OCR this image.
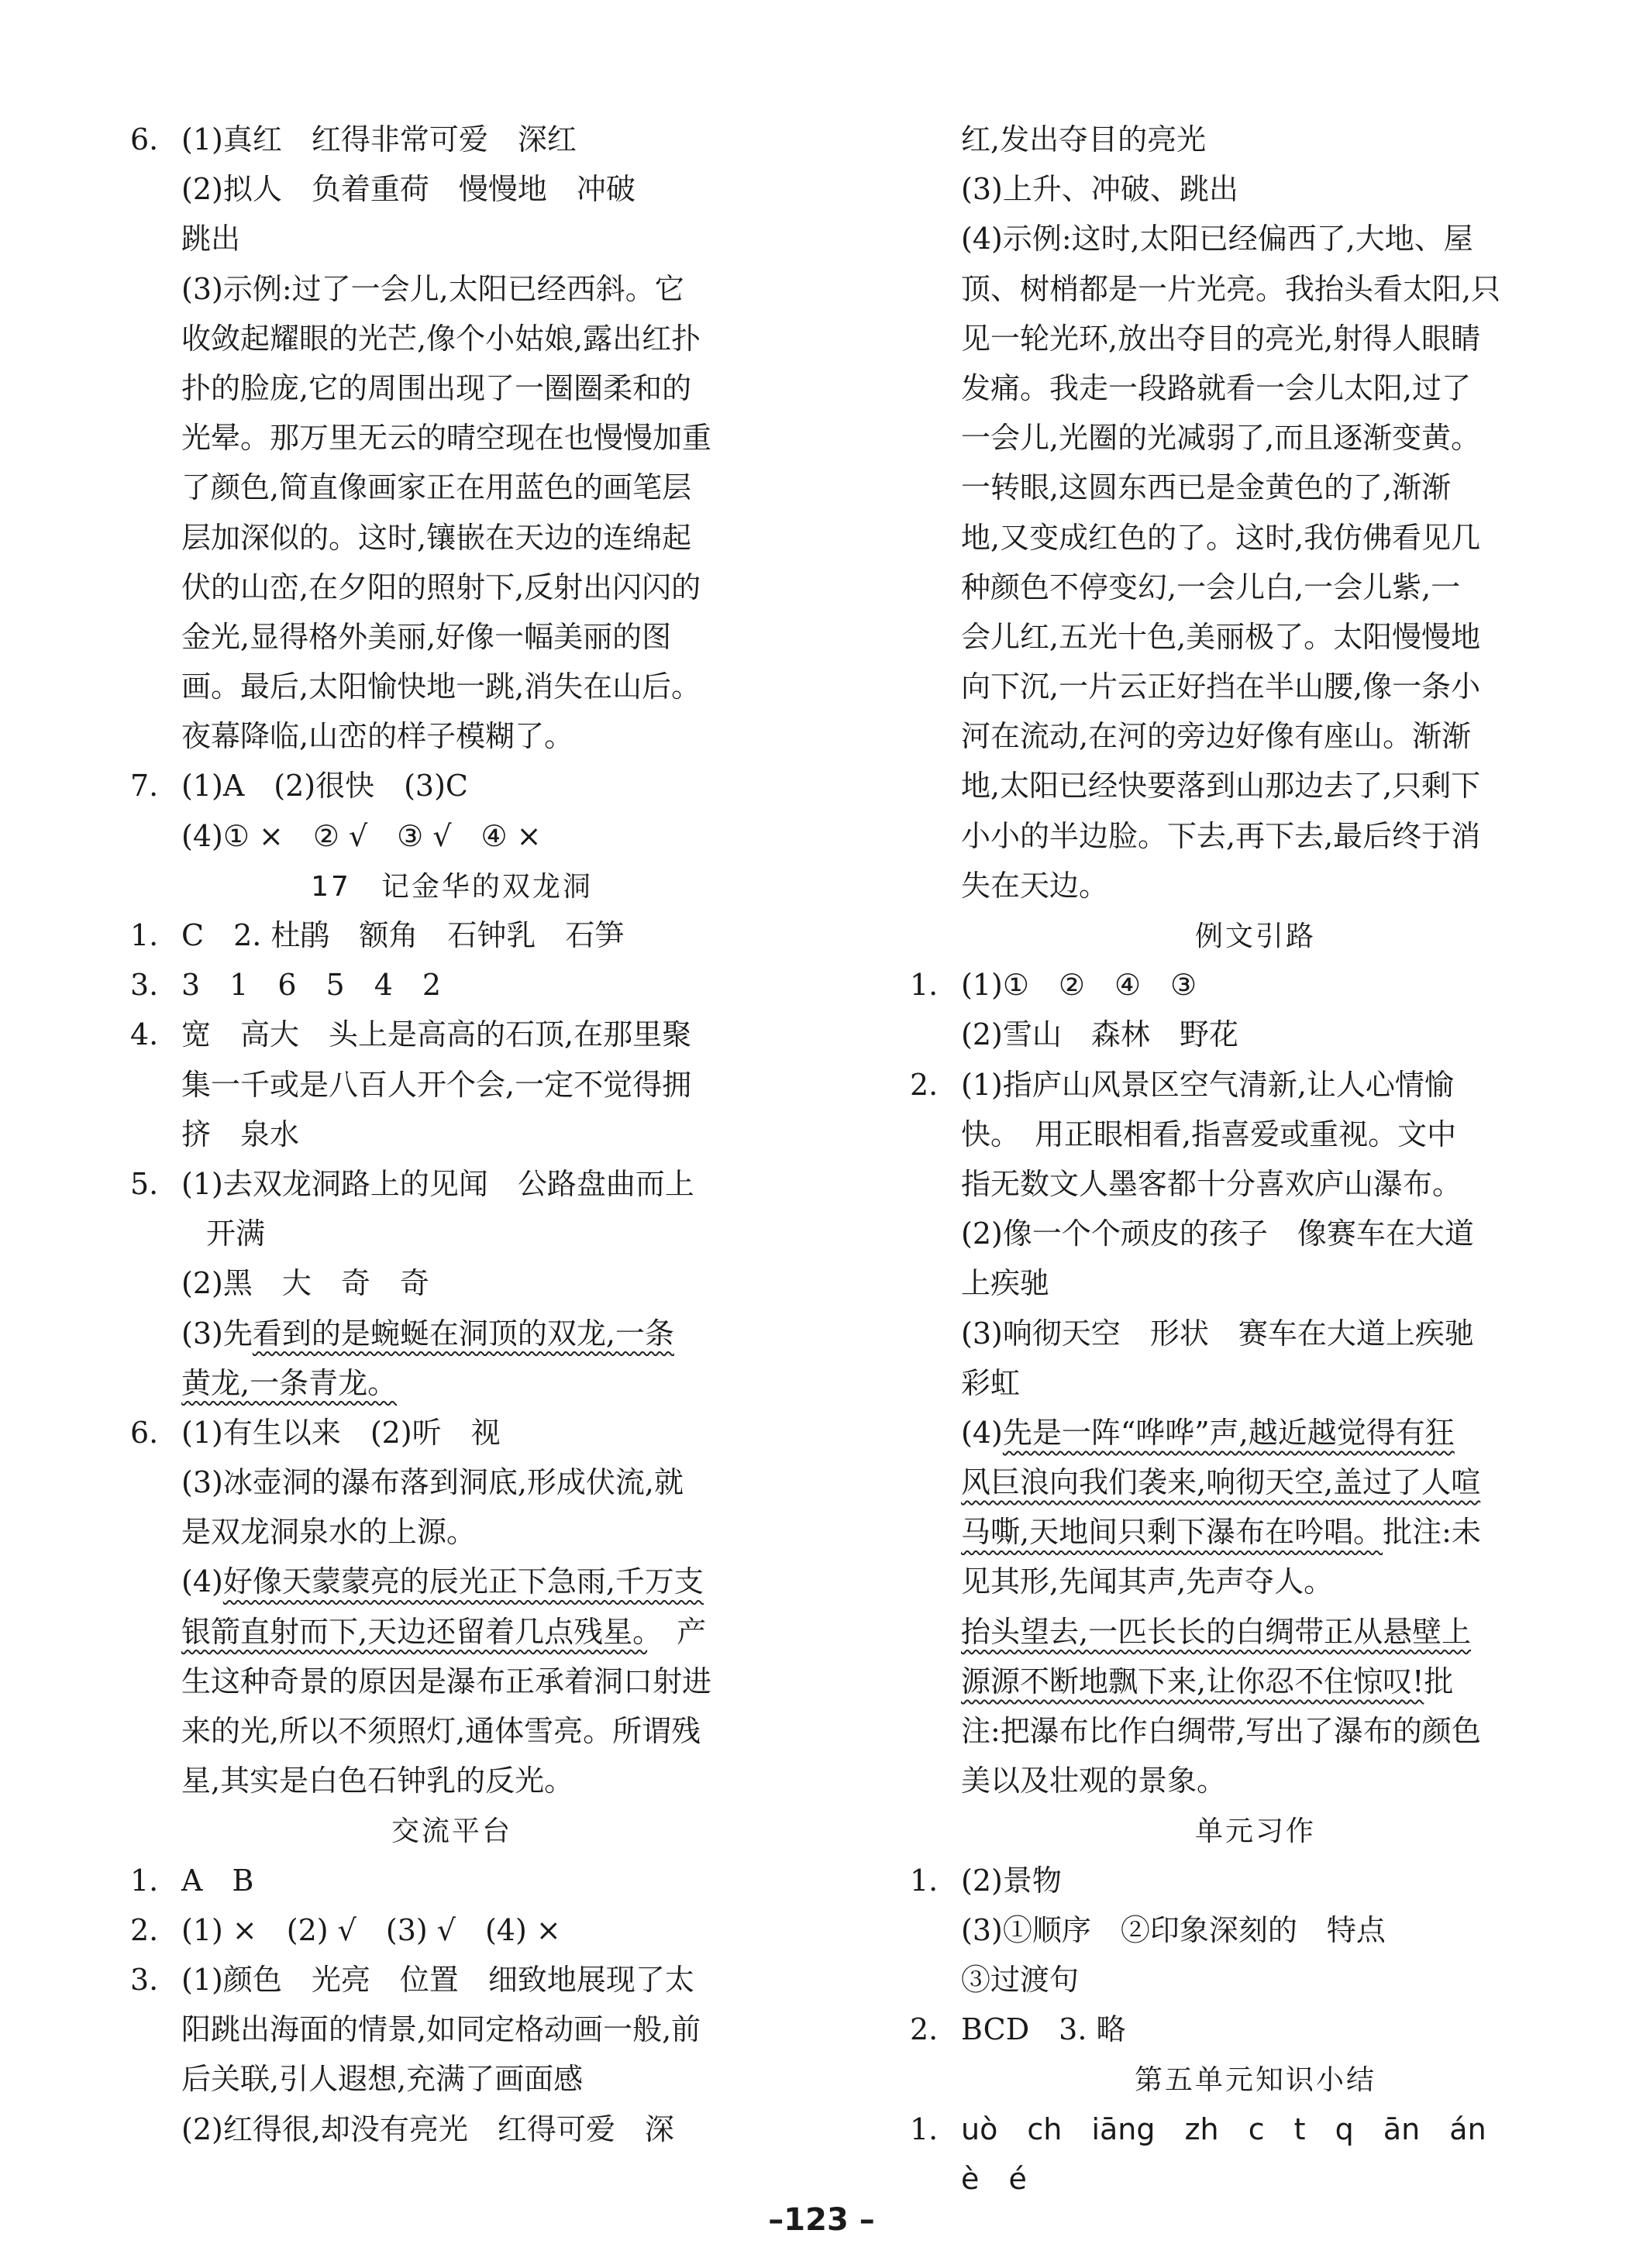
6. (1)真红　红得非常可爱　深红
(2)拟人　负着重荷　慢慢地　冲破
跳出
(3)示例:过了一会儿,太阳已经西斜。它
收敛起耀眼的光芒,像个小姑娘,露出红扑
扑的脸庞,它的周围出现了一圈圈柔和的
光晕。那万里无云的晴空现在也慢慢加重
了颜色,简直像画家正在用蓝色的画笔层
层加深似的。这时,镶嵌在天边的连绵起
伏的山峦,在夕阳的照射下,反射出闪闪的
金光,显得格外美丽,好像一幅美丽的图
画。最后,太阳愉快地一跳,消失在山后。
夜幕降临,山峦的样子模糊了。
7. (1)A　(2)很快　(3)C
(4)① ×　② √　③ √　④ ×
17　记金华的双龙洞
1. C　2. 杜鹃　额角　石钟乳　石笋
3. 3　1　6　5　4　2
4. 宽　高大　头上是高高的石顶,在那里聚
集一千或是八百人开个会,一定不觉得拥
挤　泉水
5. (1)去双龙洞路上的见闻　公路盘曲而上
开满
(2)黑　大　奇　奇
(3)先看到的是蜿蜒在洞顶的双龙,一条
黄龙,一条青龙。
6. (1)有生以来　(2)听　视
(3)冰壶洞的瀑布落到洞底,形成伏流,就
是双龙洞泉水的上源。
(4)好像天蒙蒙亮的辰光正下急雨,千万支
银箭直射而下,天边还留着几点残星。　产
生这种奇景的原因是瀑布正承着洞口射进
来的光,所以不须照灯,通体雪亮。所谓残
星,其实是白色石钟乳的反光。
交流平台
1. A　B
2. (1) ×　(2) √　(3) √　(4) ×
3. (1)颜色　光亮　位置　细致地展现了太
阳跳出海面的情景,如同定格动画一般,前
后关联,引人遐想,充满了画面感
(2)红得很,却没有亮光　红得可爱　深
红,发出夺目的亮光
(3)上升、冲破、跳出
(4)示例:这时,太阳已经偏西了,大地、屋
顶、树梢都是一片光亮。我抬头看太阳,只
见一轮光环,放出夺目的亮光,射得人眼睛
发痛。我走一段路就看一会儿太阳,过了
一会儿,光圈的光减弱了,而且逐渐变黄。
一转眼,这圆东西已是金黄色的了,渐渐
地,又变成红色的了。这时,我仿佛看见几
种颜色不停变幻,一会儿白,一会儿紫,一
会儿红,五光十色,美丽极了。太阳慢慢地
向下沉,一片云正好挡在半山腰,像一条小
河在流动,在河的旁边好像有座山。渐渐
地,太阳已经快要落到山那边去了,只剩下
小小的半边脸。下去,再下去,最后终于消
失在天边。
例文引路
1. (1)①　②　④　③
(2)雪山　森林　野花
2. (1)指庐山风景区空气清新,让人心情愉
快。　用正眼相看,指喜爱或重视。文中
指无数文人墨客都十分喜欢庐山瀑布。
(2)像一个个顽皮的孩子　像赛车在大道
上疾驰
(3)响彻天空　形状　赛车在大道上疾驰
彩虹
(4)先是一阵“哗哗”声,越近越觉得有狂
风巨浪向我们袭来,响彻天空,盖过了人喧
马嘶,天地间只剩下瀑布在吟唱。批注:未
见其形,先闻其声,先声夺人。
抬头望去,一匹长长的白绸带正从悬壁上
源源不断地飘下来,让你忍不住惊叹!批
注:把瀑布比作白绸带,写出了瀑布的颜色
美以及壮观的景象。
单元习作
1. (2)景物
(3)①顺序　②印象深刻的　特点
③过渡句
2. BCD　3. 略
第五单元知识小结
1. uò ch iāng zh c t q ān án
è é
–123 –
